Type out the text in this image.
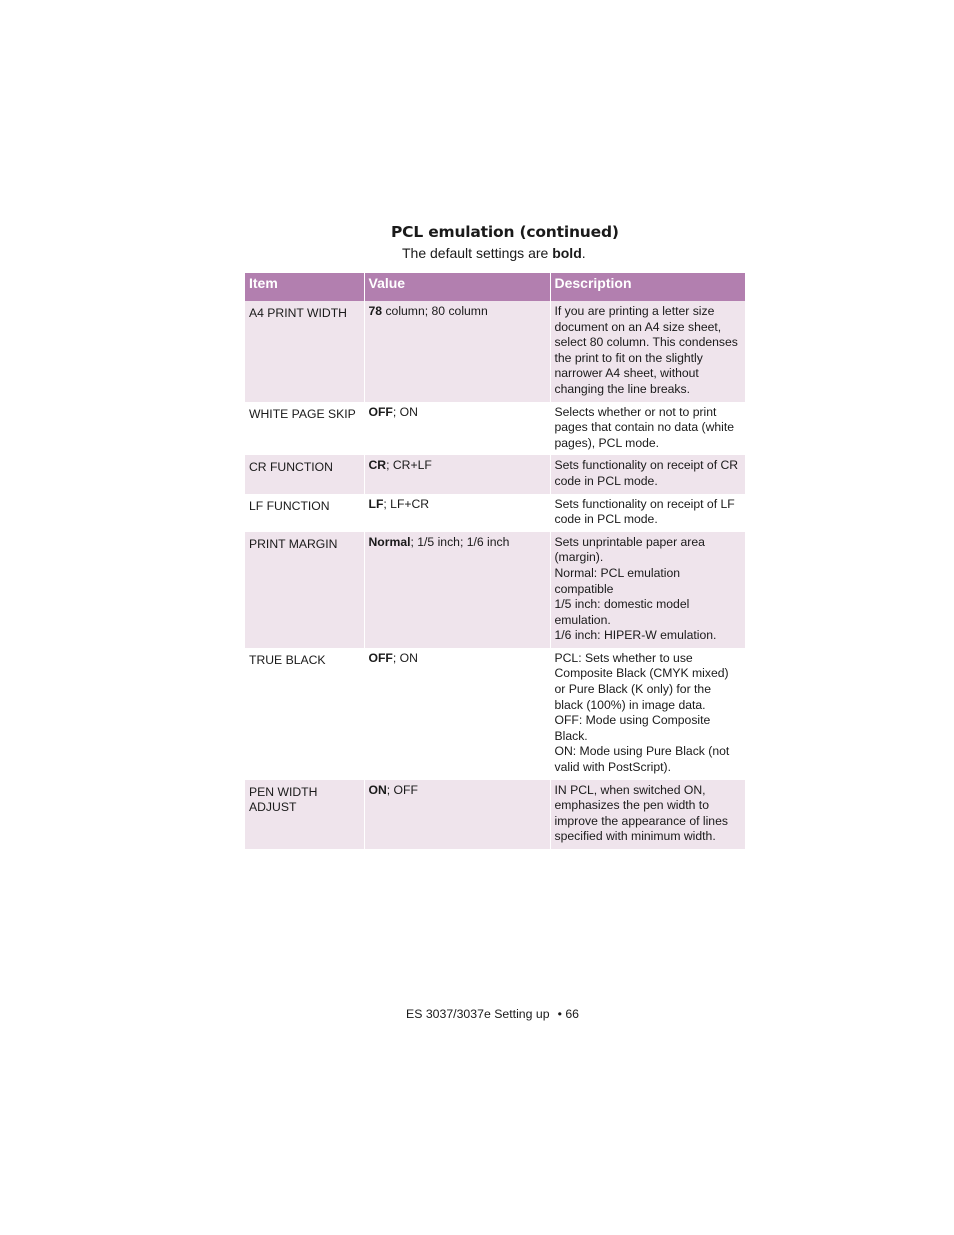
PCL emulation (continued)
The default settings are bold.
Item	Value	Description
A4 PRINT WIDTH	78 column; 80 column	If you are printing a letter size document on an A4 size sheet, select 80 column. This condenses the print to fit on the slightly narrower A4 sheet, without changing the line breaks.
WHITE PAGE SKIP	OFF; ON	Selects whether or not to print pages that contain no data (white pages), PCL mode.
CR FUNCTION	CR; CR+LF	Sets functionality on receipt of CR code in PCL mode.
LF FUNCTION	LF; LF+CR	Sets functionality on receipt of LF code in PCL mode.
PRINT MARGIN	Normal; 1/5 inch; 1/6 inch	Sets unprintable paper area (margin).
Normal: PCL emulation compatible
1/5 inch: domestic model emulation.
1/6 inch: HIPER-W emulation.

TRUE BLACK	OFF; ON	PCL: Sets whether to use Composite Black (CMYK mixed) or Pure Black (K only) for the black (100%) in image data.
OFF: Mode using Composite Black.
ON: Mode using Pure Black (not valid with PostScript).

PEN WIDTH ADJUST	ON; OFF	IN PCL, when switched ON, emphasizes the pen width to improve the appearance of lines specified with minimum width.
ES 3037/3037e Setting up • 66
